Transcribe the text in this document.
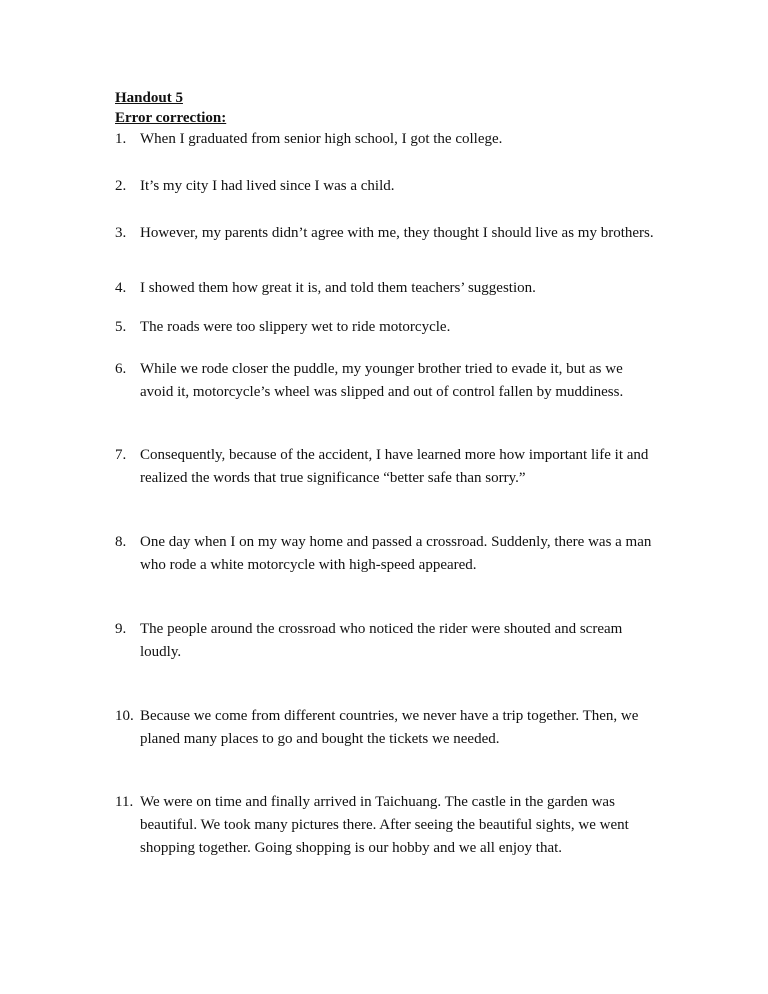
Handout 5
Error correction:
1. When I graduated from senior high school, I got the college.
2. It’s my city I had lived since I was a child.
3. However, my parents didn’t agree with me, they thought I should live as my brothers.
4. I showed them how great it is, and told them teachers’ suggestion.
5. The roads were too slippery wet to ride motorcycle.
6. While we rode closer the puddle, my younger brother tried to evade it, but as we avoid it, motorcycle’s wheel was slipped and out of control fallen by muddiness.
7. Consequently, because of the accident, I have learned more how important life it and realized the words that true significance “better safe than sorry.”
8. One day when I on my way home and passed a crossroad. Suddenly, there was a man who rode a white motorcycle with high-speed appeared.
9. The people around the crossroad who noticed the rider were shouted and scream loudly.
10. Because we come from different countries, we never have a trip together. Then, we planed many places to go and bought the tickets we needed.
11. We were on time and finally arrived in Taichuang. The castle in the garden was beautiful. We took many pictures there. After seeing the beautiful sights, we went shopping together. Going shopping is our hobby and we all enjoy that.
